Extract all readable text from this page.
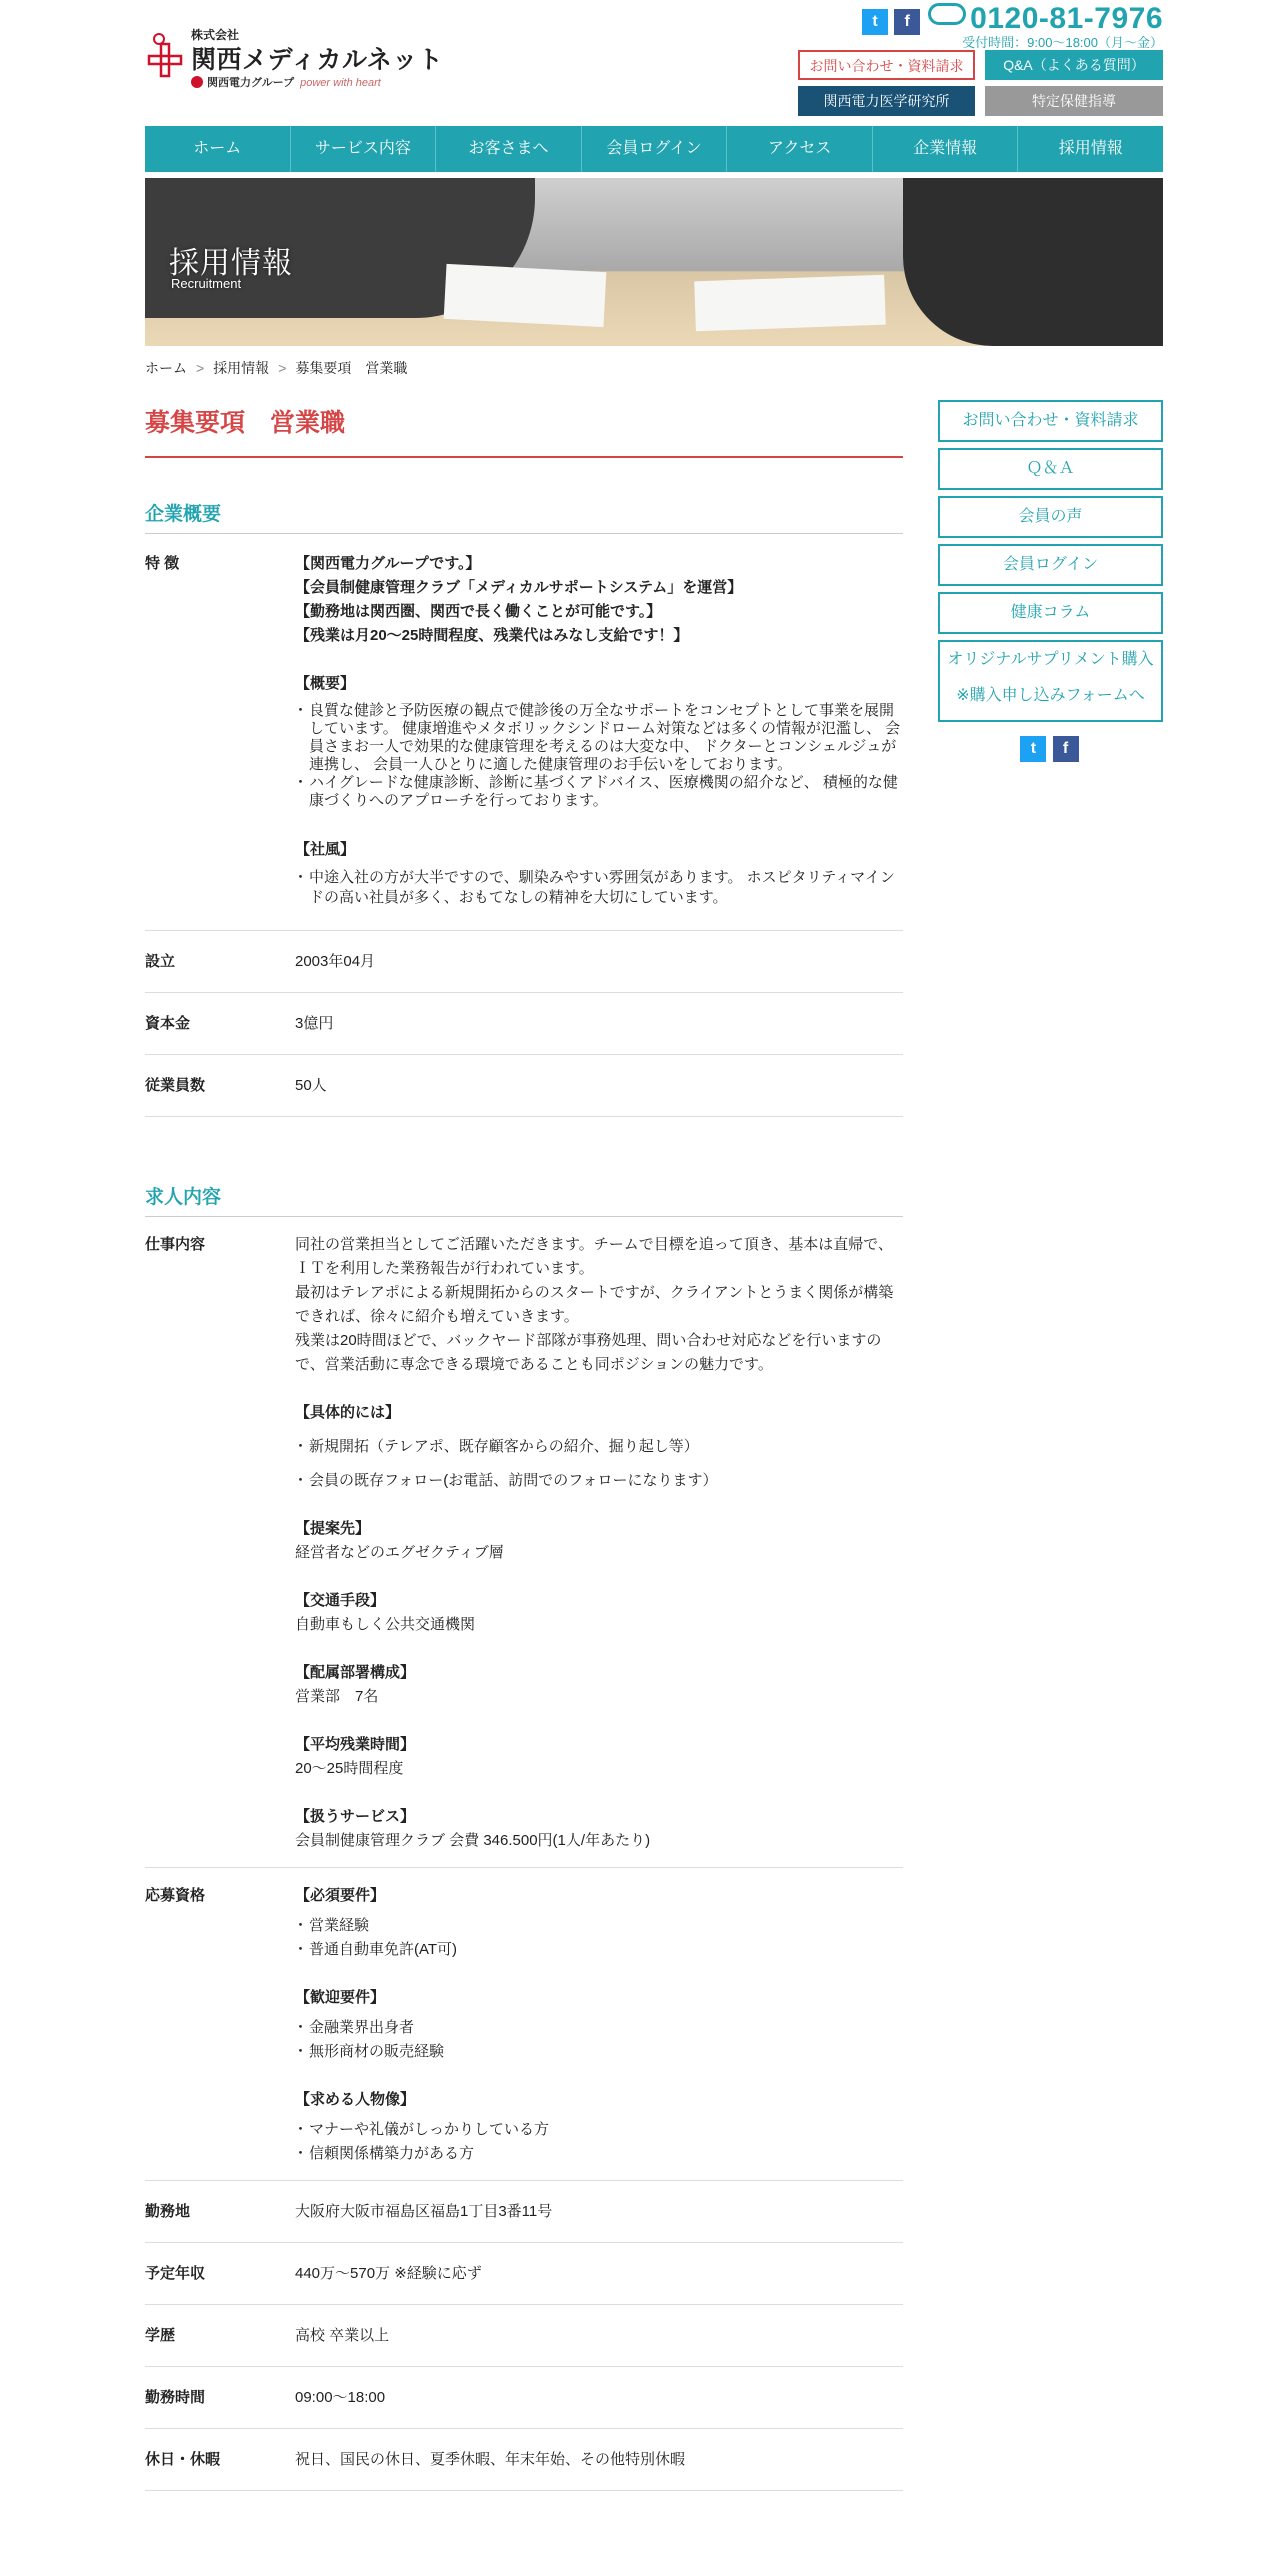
株式会社
関西メディカルネット
関西電力グループ power with heart
t f	0120-81-7976
受付時間：9:00〜18:00（月〜金）
お問い合わせ・資料請求	Q&A（よくある質問）
関西電力医学研究所	特定保健指導
ホーム	サービス内容	お客さまへ	会員ログイン	アクセス	企業情報	採用情報
採用情報
Recruitment
ホーム > 採用情報 > 募集要項　営業職
募集要項　営業職
企業概要
特 徴	【関西電力グループです。】
【会員制健康管理クラブ「メディカルサポートシステム」を運営】
【勤務地は関西圏、関西で長く働くことが可能です。】
【残業は月20～25時間程度、残業代はみなし支給です！】
【概要】
・ 良質な健診と予防医療の観点で健診後の万全なサポートをコンセプトとして事業を展開しています。 健康増進やメタボリックシンドローム対策などは多くの情報が氾濫し、 会員さまお一人で効果的な健康管理を考えるのは大変な中、 ドクターとコンシェルジュが連携し、 会員一人ひとりに適した健康管理のお手伝いをしております。
・ ハイグレードな健康診断、診断に基づくアドバイス、医療機関の紹介など、 積極的な健康づくりへのアプローチを行っております。
【社風】
・ 中途入社の方が大半ですので、馴染みやすい雰囲気があります。 ホスピタリティマインドの高い社員が多く、おもてなしの精神を大切にしています。
設立	2003年04月
資本金	3億円
従業員数	50人
求人内容
仕事内容	同社の営業担当としてご活躍いただきます。チームで目標を追って頂き、基本は直帰で、ＩＴを利用した業務報告が行われています。
最初はテレアポによる新規開拓からのスタートですが、クライアントとうまく関係が構築できれば、徐々に紹介も増えていきます。
残業は20時間ほどで、バックヤード部隊が事務処理、問い合わせ対応などを行いますので、営業活動に専念できる環境であることも同ポジションの魅力です。
【具体的には】
・ 新規開拓（テレアポ、既存顧客からの紹介、掘り起し等）
・ 会員の既存フォロー(お電話、訪問でのフォローになります）
【提案先】
経営者などのエグゼクティブ層
【交通手段】
自動車もしく公共交通機関
【配属部署構成】
営業部　7名
【平均残業時間】
20～25時間程度
【扱うサービス】
会員制健康管理クラブ 会費 346.500円(1人/年あたり)
応募資格	【必須要件】
・ 営業経験
・ 普通自動車免許(AT可)
【歓迎要件】
・ 金融業界出身者
・ 無形商材の販売経験
【求める人物像】
・ マナーや礼儀がしっかりしている方
・ 信頼関係構築力がある方
勤務地	大阪府大阪市福島区福島1丁目3番11号
予定年収	440万～570万 ※経験に応ず
学歴	高校 卒業以上
勤務時間	09:00～18:00
休日・休暇	祝日、国民の休日、夏季休暇、年末年始、その他特別休暇
お問い合わせ・資料請求
Ｑ＆Ａ
会員の声
会員ログイン
健康コラム
オリジナルサプリメント購入
※購入申し込みフォームへ
t f
